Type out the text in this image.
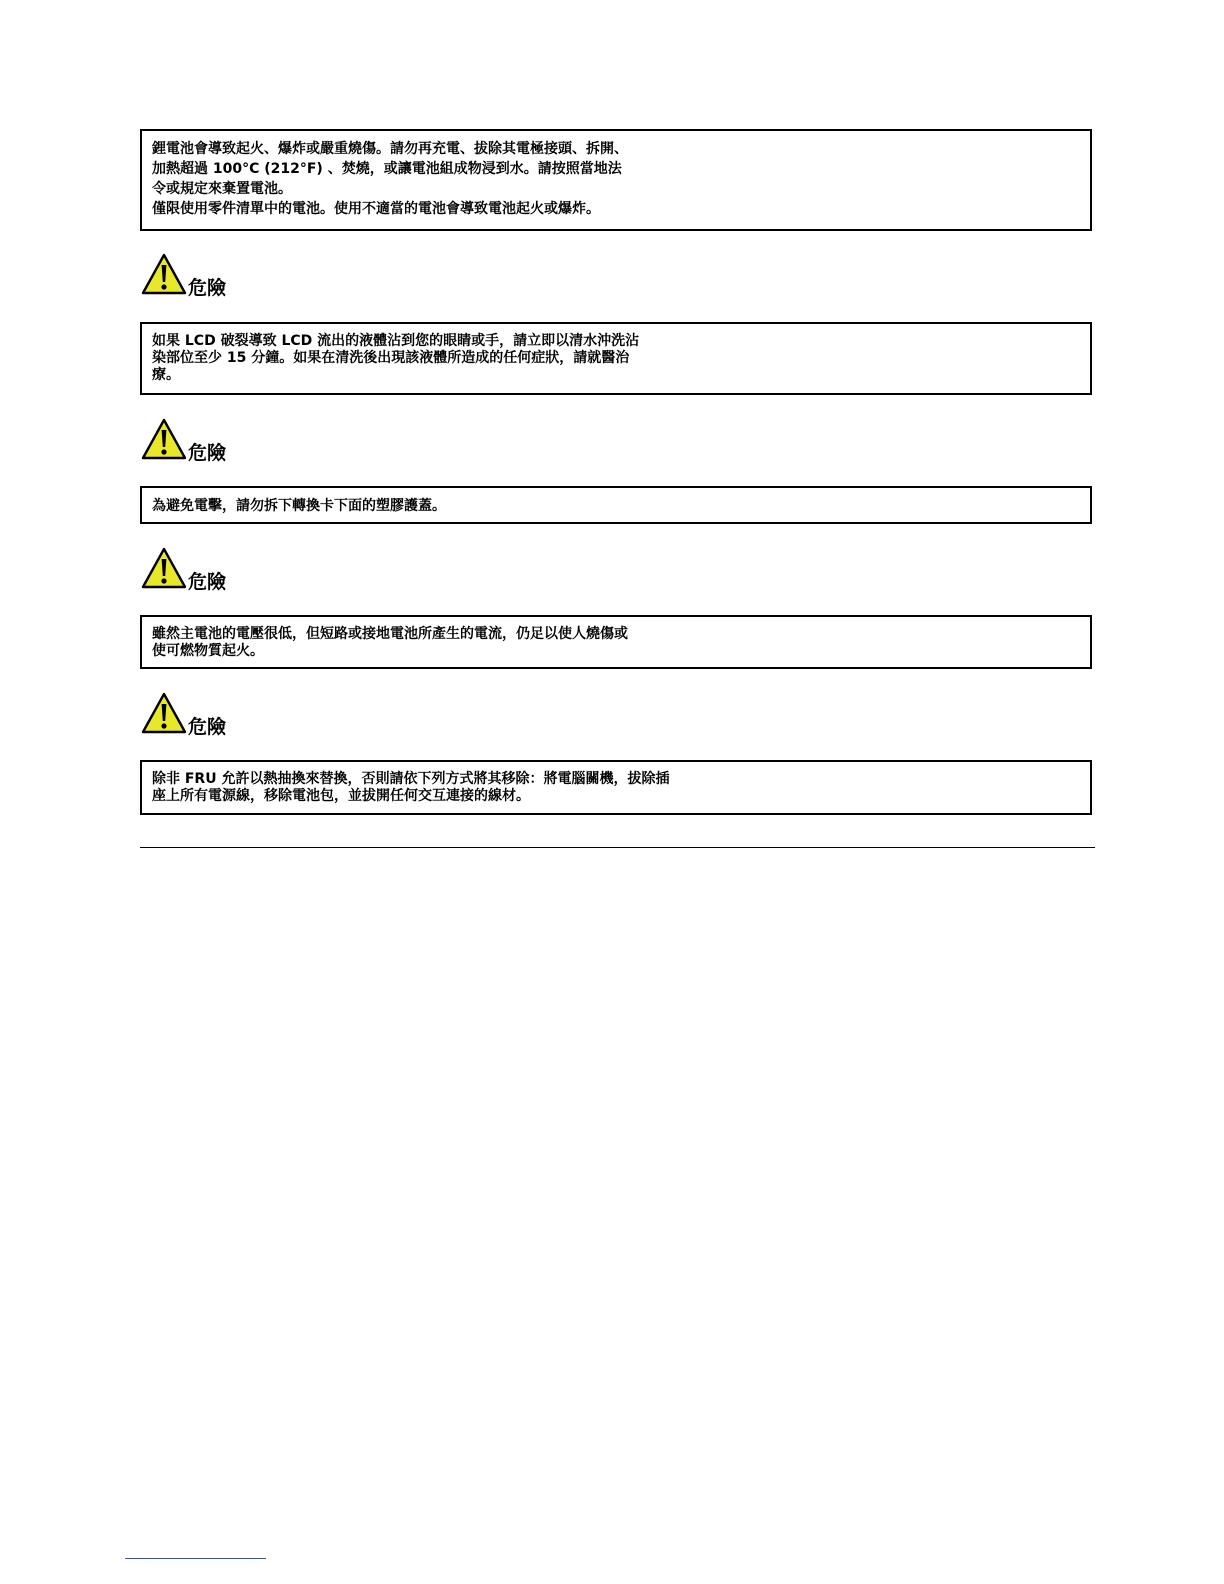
鋰電池會導致起火、爆炸或嚴重燒傷。請勿再充電、拔除其電極接頭、拆開、
加熱超過 100°C (212°F) 、焚燒，或讓電池組成物浸到水。請按照當地法
令或規定來棄置電池。
僅限使用零件清單中的電池。使用不適當的電池會導致電池起火或爆炸。
危險
如果 LCD 破裂導致 LCD 流出的液體沾到您的眼睛或手，請立即以清水沖洗沾
染部位至少 15 分鐘。如果在清洗後出現該液體所造成的任何症狀，請就醫治
療。
危險
為避免電擊，請勿拆下轉換卡下面的塑膠護蓋。
危險
雖然主電池的電壓很低，但短路或接地電池所產生的電流，仍足以使人燒傷或
使可燃物質起火。
危險
除非 FRU 允許以熱抽換來替換，否則請依下列方式將其移除：將電腦關機，拔除插
座上所有電源線，移除電池包，並拔開任何交互連接的線材。
